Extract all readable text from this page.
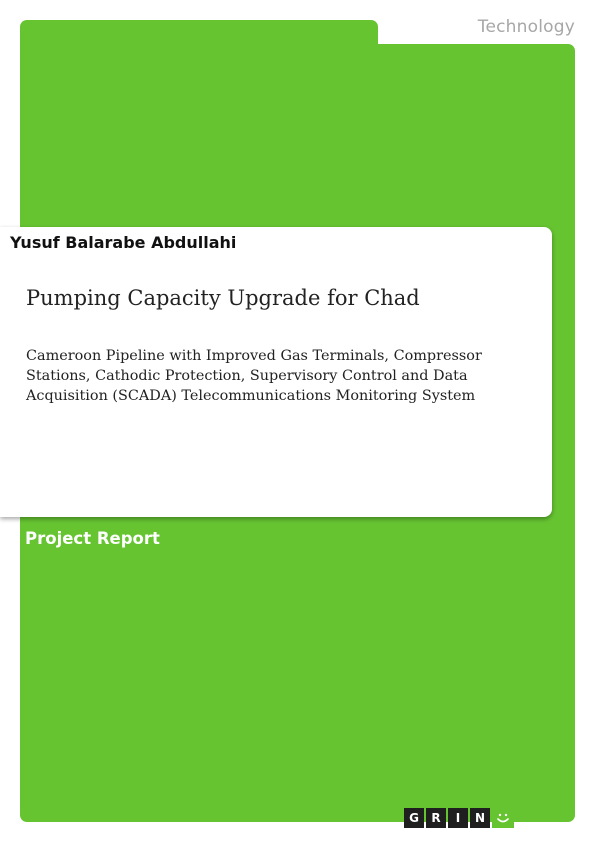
Technology
Yusuf Balarabe Abdullahi
Pumping Capacity Upgrade for Chad
Cameroon Pipeline with Improved Gas Terminals, Compressor Stations, Cathodic Protection, Supervisory Control and Data Acquisition (SCADA) Telecommunications Monitoring System
Project Report
G	R	I	N
